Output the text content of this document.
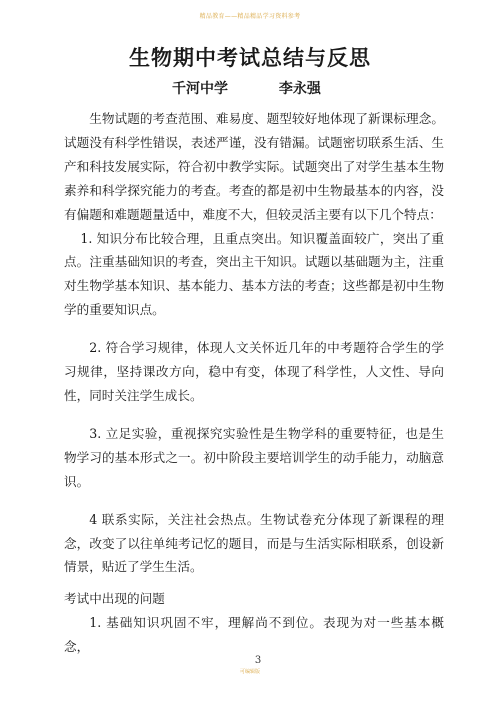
精品教育——精品精品学习资料参考
生物期中考试总结与反思
千河中学	李永强

生物试题的考查范围、难易度、题型较好地体现了新课标理念。试题没有科学性错误，表述严谨，没有错漏。试题密切联系生活、生产和科技发展实际，符合初中教学实际。试题突出了对学生基本生物素养和科学探究能力的考查。考查的都是初中生物最基本的内容，没有偏题和难题题量适中，难度不大，但较灵活主要有以下几个特点：

1. 知识分布比较合理，且重点突出。知识覆盖面较广，突出了重点。注重基础知识的考查，突出主干知识。试题以基础题为主，注重对生物学基本知识、基本能力、基本方法的考查；这些都是初中生物学的重要知识点。

2. 符合学习规律，体现人文关怀近几年的中考题符合学生的学习规律，坚持课改方向，稳中有变，体现了科学性，人文性、导向性，同时关注学生成长。

3. 立足实验，重视探究实验性是生物学科的重要特征，也是生物学习的基本形式之一。初中阶段主要培训学生的动手能力，动脑意识。

4 联系实际，关注社会热点。生物试卷充分体现了新课程的理念，改变了以往单纯考记忆的题目，而是与生活实际相联系，创设新情景，贴近了学生生活。

考试中出现的问题

1. 基础知识巩固不牢，理解尚不到位。表现为对一些基本概念，

3
可编辑版
